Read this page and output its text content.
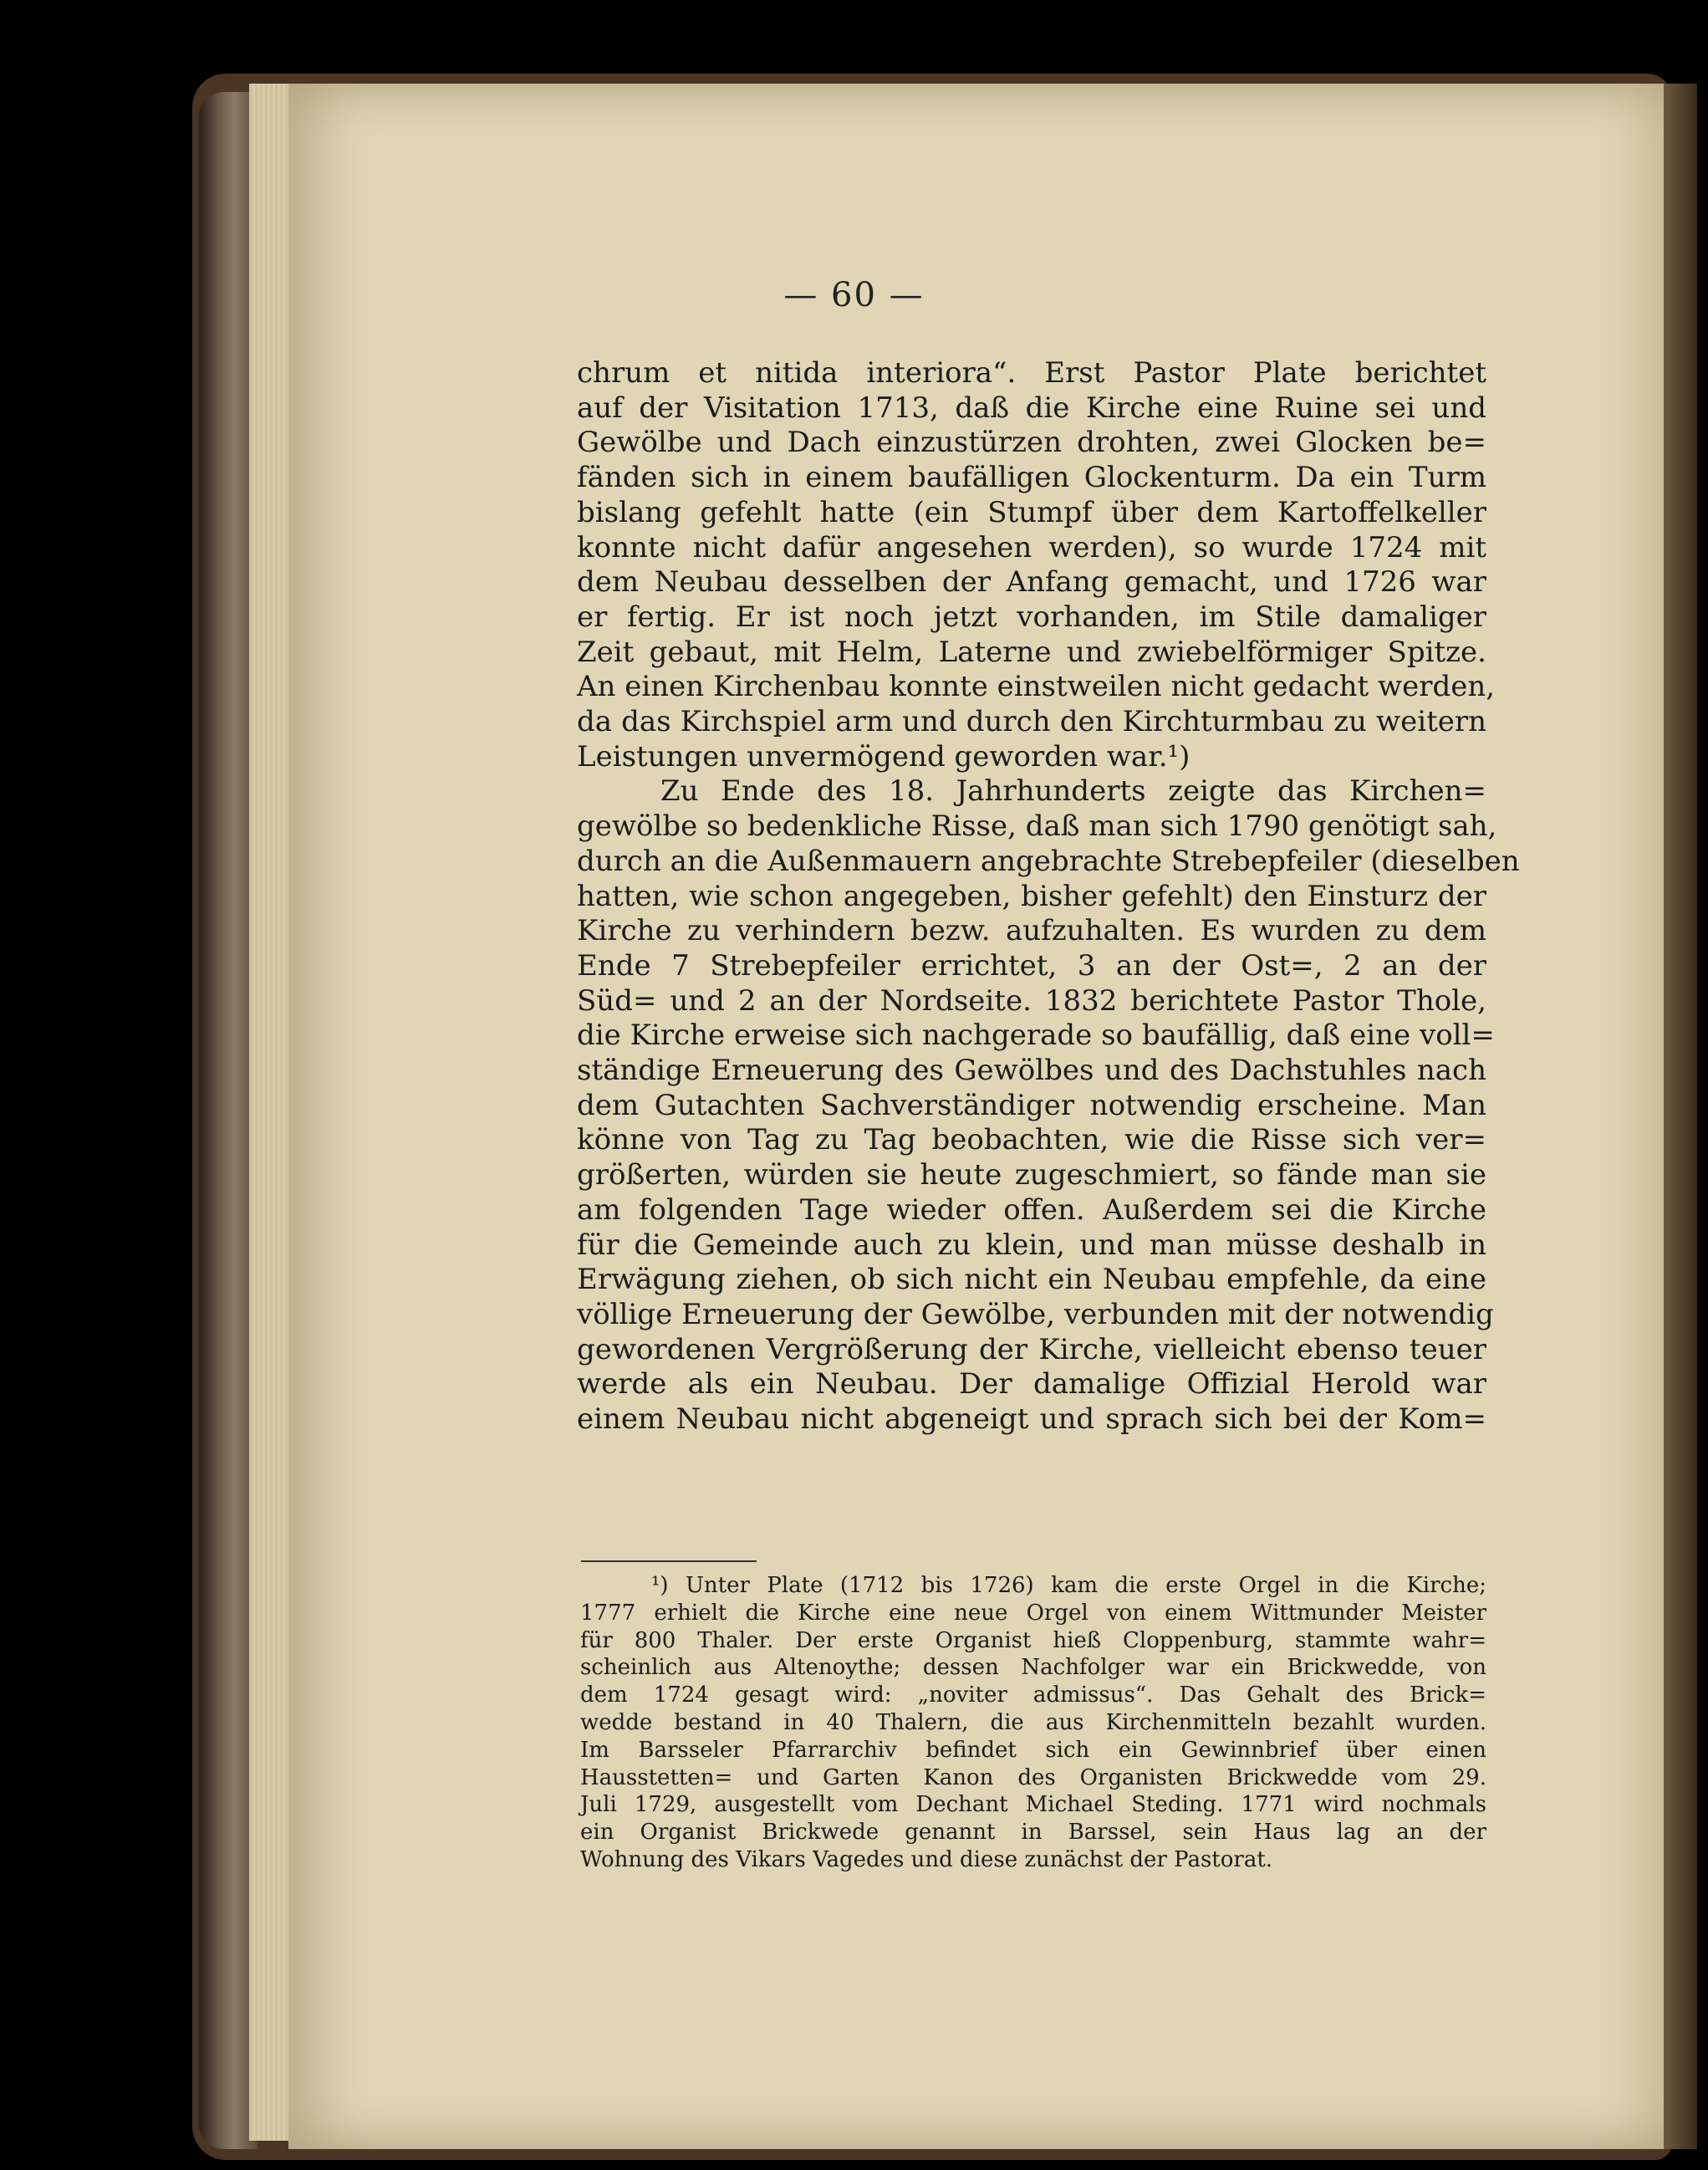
— 60 —
chrum et nitida interiora“. Erst Pastor Plate berichtet
auf der Visitation 1713, daß die Kirche eine Ruine sei und
Gewölbe und Dach einzustürzen drohten, zwei Glocken be=
fänden sich in einem baufälligen Glockenturm. Da ein Turm
bislang gefehlt hatte (ein Stumpf über dem Kartoffelkeller
konnte nicht dafür angesehen werden), so wurde 1724 mit
dem Neubau desselben der Anfang gemacht, und 1726 war
er fertig. Er ist noch jetzt vorhanden, im Stile damaliger
Zeit gebaut, mit Helm, Laterne und zwiebelförmiger Spitze.
An einen Kirchenbau konnte einstweilen nicht gedacht werden,
da das Kirchspiel arm und durch den Kirchturmbau zu weitern
Leistungen unvermögend geworden war.¹)
Zu Ende des 18. Jahrhunderts zeigte das Kirchen=
gewölbe so bedenkliche Risse, daß man sich 1790 genötigt sah,
durch an die Außenmauern angebrachte Strebepfeiler (dieselben
hatten, wie schon angegeben, bisher gefehlt) den Einsturz der
Kirche zu verhindern bezw. aufzuhalten. Es wurden zu dem
Ende 7 Strebepfeiler errichtet, 3 an der Ost=, 2 an der
Süd= und 2 an der Nordseite. 1832 berichtete Pastor Thole,
die Kirche erweise sich nachgerade so baufällig, daß eine voll=
ständige Erneuerung des Gewölbes und des Dachstuhles nach
dem Gutachten Sachverständiger notwendig erscheine. Man
könne von Tag zu Tag beobachten, wie die Risse sich ver=
größerten, würden sie heute zugeschmiert, so fände man sie
am folgenden Tage wieder offen. Außerdem sei die Kirche
für die Gemeinde auch zu klein, und man müsse deshalb in
Erwägung ziehen, ob sich nicht ein Neubau empfehle, da eine
völlige Erneuerung der Gewölbe, verbunden mit der notwendig
gewordenen Vergrößerung der Kirche, vielleicht ebenso teuer
werde als ein Neubau. Der damalige Offizial Herold war
einem Neubau nicht abgeneigt und sprach sich bei der Kom=
¹) Unter Plate (1712 bis 1726) kam die erste Orgel in die Kirche;
1777 erhielt die Kirche eine neue Orgel von einem Wittmunder Meister
für 800 Thaler. Der erste Organist hieß Cloppenburg, stammte wahr=
scheinlich aus Altenoythe; dessen Nachfolger war ein Brickwedde, von
dem 1724 gesagt wird: „noviter admissus“. Das Gehalt des Brick=
wedde bestand in 40 Thalern, die aus Kirchenmitteln bezahlt wurden.
Im Barsseler Pfarrarchiv befindet sich ein Gewinnbrief über einen
Hausstetten= und Garten Kanon des Organisten Brickwedde vom 29.
Juli 1729, ausgestellt vom Dechant Michael Steding. 1771 wird nochmals
ein Organist Brickwede genannt in Barssel, sein Haus lag an der
Wohnung des Vikars Vagedes und diese zunächst der Pastorat.
